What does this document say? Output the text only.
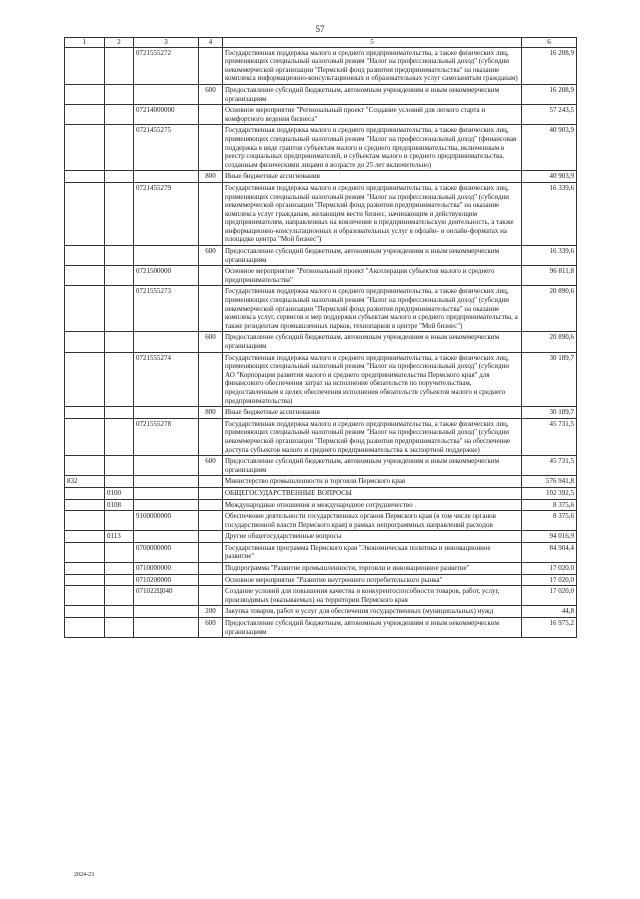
57
1	2	3	4	5	6
		0721555272		Государственная поддержка малого и среднего предпринимательства, а также физических лиц, применяющих специальный налоговый режим "Налог на профессиональный доход" (субсидии некоммерческой организации "Пермский фонд развития предпринимательства" на оказание комплекса информационно-консультационных и образовательных услуг самозанятым гражданам)	16 208,9
			600	Предоставление субсидий бюджетным, автономным учреждениям и иным некоммерческим организациям	16 208,9
		07214000000		Основное мероприятие "Региональный проект "Создание условий для легкого старта и комфортного ведения бизнеса"	57 243,5
		0721455275		Государственная поддержка малого и среднего предпринимательства, а также физических лиц, применяющих специальный налоговый режим "Налог на профессиональный доход" (финансовая поддержка в виде грантов субъектам малого и среднего предпринимательства, включенным в реестр социальных предпринимателей, и субъектам малого и среднего предпринимательства, созданным физическими лицами в возрасте до 25 лет включительно)	40 903,9
			800	Иные бюджетные ассигнования	40 903,9
		0721455279		Государственная поддержка малого и среднего предпринимательства, а также физических лиц, применяющих специальный налоговый режим "Налог на профессиональный доход" (субсидии некоммерческой организации "Пермский фонд развития предпринимательства" на оказание комплекса услуг гражданам, желающим вести бизнес, начинающим и действующим предпринимателям, направленных на вовлечение в предпринимательскую деятельность, а также информационно-консультационных и образовательных услуг в офлайн- и онлайн-форматах на площадке центра "Мой бизнес")	16 339,6
			600	Предоставление субсидий бюджетным, автономным учреждениям и иным некоммерческим организациям	16 339,6
		0721500000		Основное мероприятие "Региональный проект "Акселерация субъектов малого и среднего предпринимательства"	96 811,8
		0721555273		Государственная поддержка малого и среднего предпринимательства, а также физических лиц, применяющих специальный налоговый режим "Налог на профессиональный доход" (субсидии некоммерческой организации "Пермский фонд развития предпринимательства" на оказание комплекса услуг, сервисов и мер поддержки субъектам малого и среднего предпринимательства, а также резидентам промышленных парков, технопарков в центре "Мой бизнес")	20 890,6
			600	Предоставление субсидий бюджетным, автономным учреждениям и иным некоммерческим организациям	20 890,6
		0721555274		Государственная поддержка малого и среднего предпринимательства, а также физических лиц, применяющих специальный налоговый режим "Налог на профессиональный доход" (субсидии АО "Корпорация развития малого и среднего предпринимательства Пермского края" для финансового обеспечения затрат на исполнение обязательств по поручительствам, предоставленным в целях обеспечения исполнения обязательств субъектов малого и среднего предпринимательства)	30 189,7
			800	Иные бюджетные ассигнования	30 189,7
		0721555278		Государственная поддержка малого и среднего предпринимательства, а также физических лиц, применяющих специальный налоговый режим "Налог на профессиональный доход" (субсидии некоммерческой организации "Пермский фонд развития предпринимательства" на обеспечение доступа субъектов малого и среднего предпринимательства к экспортной поддержке)	45 731,5
			600	Предоставление субсидий бюджетным, автономным учреждениям и иным некоммерческим организациям	45 731,5
832				Министерство промышленности и торговли Пермского края	576 941,8
	0100			ОБЩЕГОСУДАРСТВЕННЫЕ ВОПРОСЫ	102 392,5
	0108			Международные отношения и международное сотрудничество	8 375,6
		9100000000		Обеспечение деятельности государственных органов Пермского края (в том числе органов государственной власти Пермского края) в рамках непрограммных направлений расходов	8 375,6
	0113			Другие общегосударственные вопросы	94 016,9
		0700000000		Государственная программа Пермского края "Экономическая политика и инновационное развитие"	84 904,4
		0710000000		Подпрограмма "Развитие промышленности, торговли и инновационное развитие"	17 020,0
		0710200000		Основное мероприятие "Развитие внутреннего потребительского рынка"	17 020,0
		071022Ц040		Создание условий для повышения качества и конкурентоспособности товаров, работ, услуг, производимых (оказываемых) на территории Пермского края	17 020,0
			200	Закупка товаров, работ и услуг для обеспечения государственных (муниципальных) нужд	44,8
			600	Предоставление субсидий бюджетным, автономным учреждениям и иным некоммерческим организациям	16 975,2
2024-23
